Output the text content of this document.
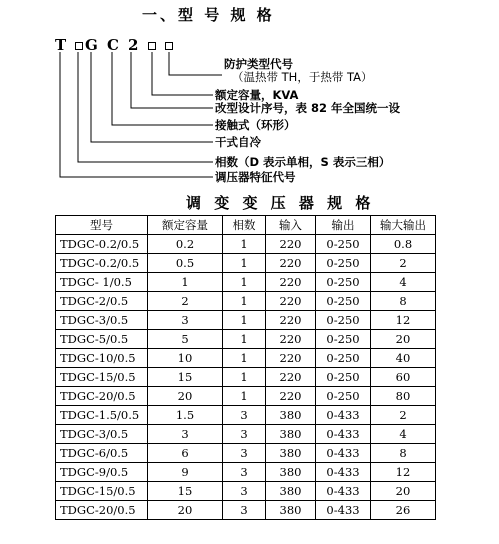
一、型 号 规 格
T G C 2
防护类型代号
（温热带 TH，于热带 TA）
额定容量，KVA
改型设计序号，表 82 年全国统一设
接触式（环形）
干式自冷
相数（D 表示单相，S 表示三相）
调压器特征代号
调 变 变 压 器 规 格
型号	额定容量	相数	输入	输出	输大输出
TDGC-0.2/0.5	0.2	1	220	0-250	0.8
TDGC-0.2/0.5	0.5	1	220	0-250	2
TDGC- 1/0.5	1	1	220	0-250	4
TDGC-2/0.5	2	1	220	0-250	8
TDGC-3/0.5	3	1	220	0-250	12
TDGC-5/0.5	5	1	220	0-250	20
TDGC-10/0.5	10	1	220	0-250	40
TDGC-15/0.5	15	1	220	0-250	60
TDGC-20/0.5	20	1	220	0-250	80
TDGC-1.5/0.5	1.5	3	380	0-433	2
TDGC-3/0.5	3	3	380	0-433	4
TDGC-6/0.5	6	3	380	0-433	8
TDGC-9/0.5	9	3	380	0-433	12
TDGC-15/0.5	15	3	380	0-433	20
TDGC-20/0.5	20	3	380	0-433	26
